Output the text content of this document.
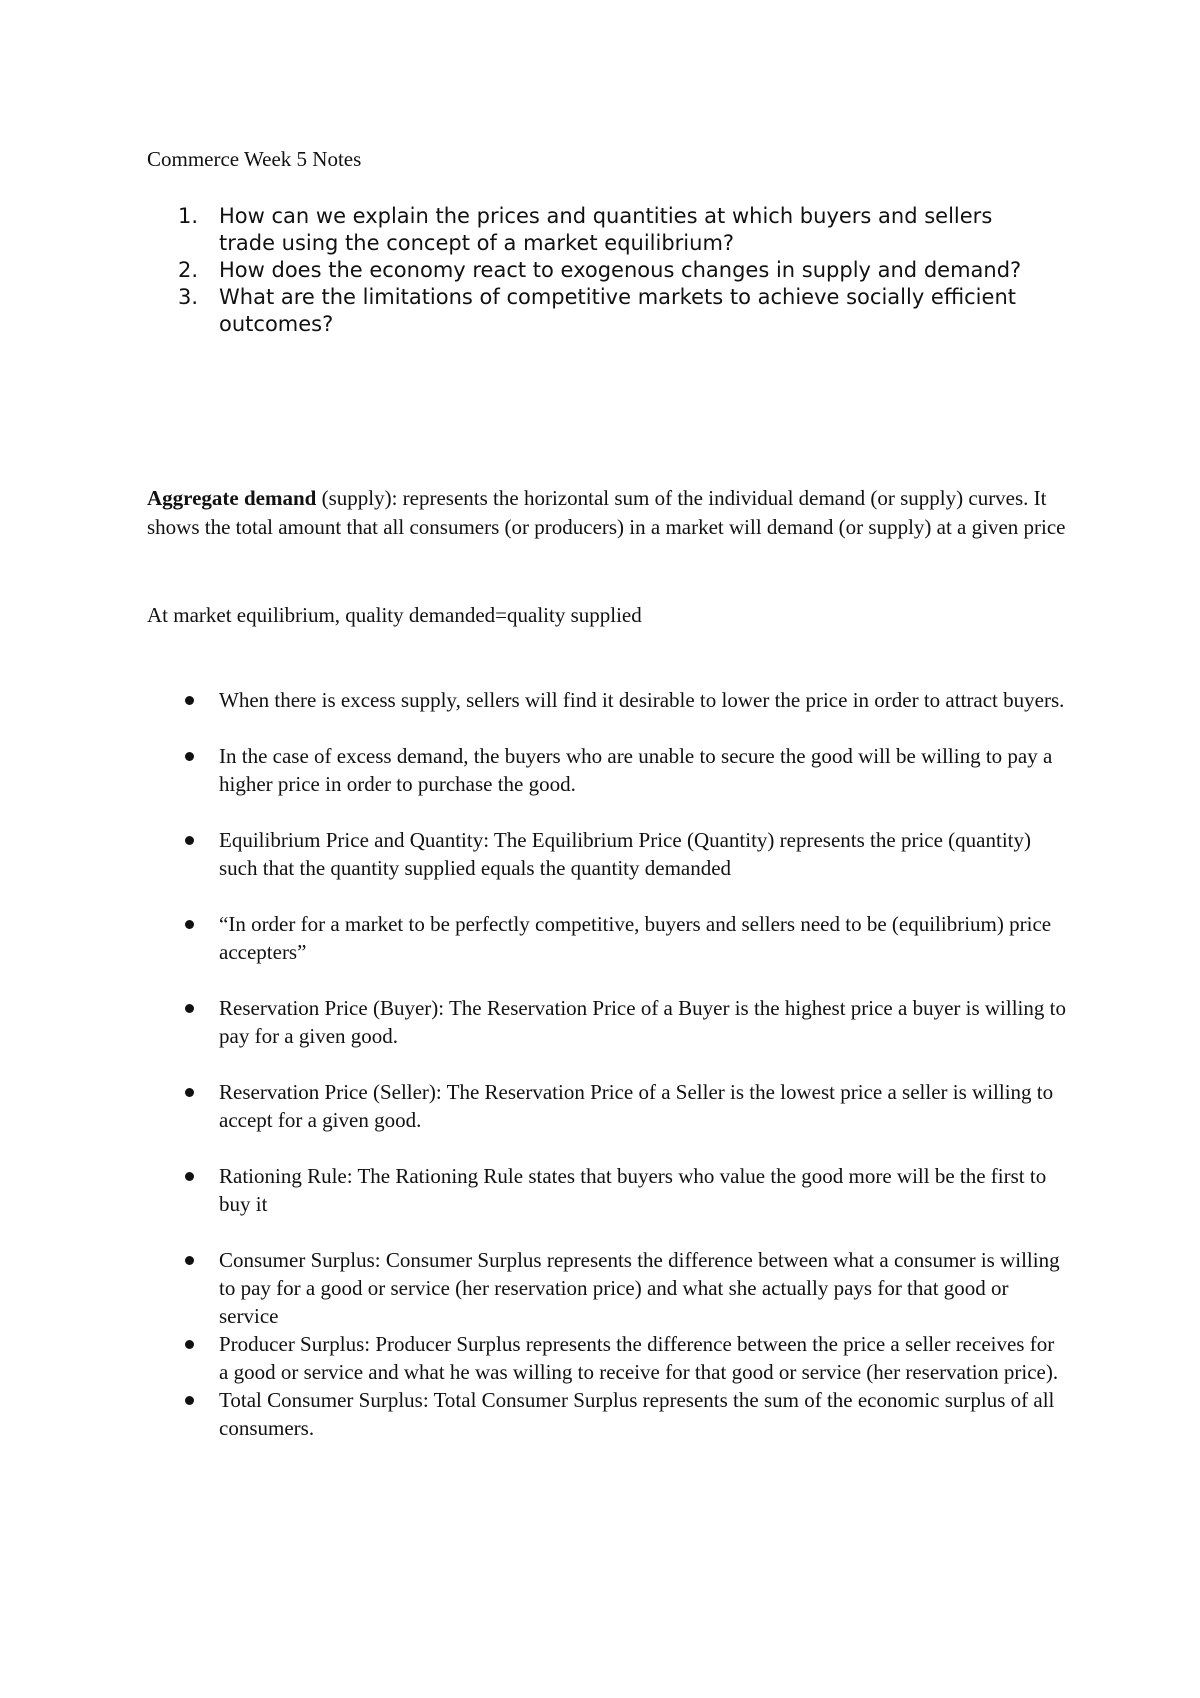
Commerce Week 5 Notes
1. How can we explain the prices and quantities at which buyers and sellers trade using the concept of a market equilibrium?
2. How does the economy react to exogenous changes in supply and demand?
3. What are the limitations of competitive markets to achieve socially efficient outcomes?

Aggregate demand (supply): represents the horizontal sum of the individual demand (or supply) curves. It shows the total amount that all consumers (or producers) in a market will demand (or supply) at a given price

At market equilibrium, quality demanded=quality supplied

When there is excess supply, sellers will find it desirable to lower the price in order to attract buyers.
In the case of excess demand, the buyers who are unable to secure the good will be willing to pay a higher price in order to purchase the good.
Equilibrium Price and Quantity: The Equilibrium Price (Quantity) represents the price (quantity) such that the quantity supplied equals the quantity demanded
“In order for a market to be perfectly competitive, buyers and sellers need to be (equilibrium) price accepters”
Reservation Price (Buyer): The Reservation Price of a Buyer is the highest price a buyer is willing to pay for a given good.
Reservation Price (Seller): The Reservation Price of a Seller is the lowest price a seller is willing to accept for a given good.
Rationing Rule: The Rationing Rule states that buyers who value the good more will be the first to buy it
Consumer Surplus: Consumer Surplus represents the difference between what a consumer is willing to pay for a good or service (her reservation price) and what she actually pays for that good or service
Producer Surplus: Producer Surplus represents the difference between the price a seller receives for a good or service and what he was willing to receive for that good or service (her reservation price).
Total Consumer Surplus: Total Consumer Surplus represents the sum of the economic surplus of all consumers.
